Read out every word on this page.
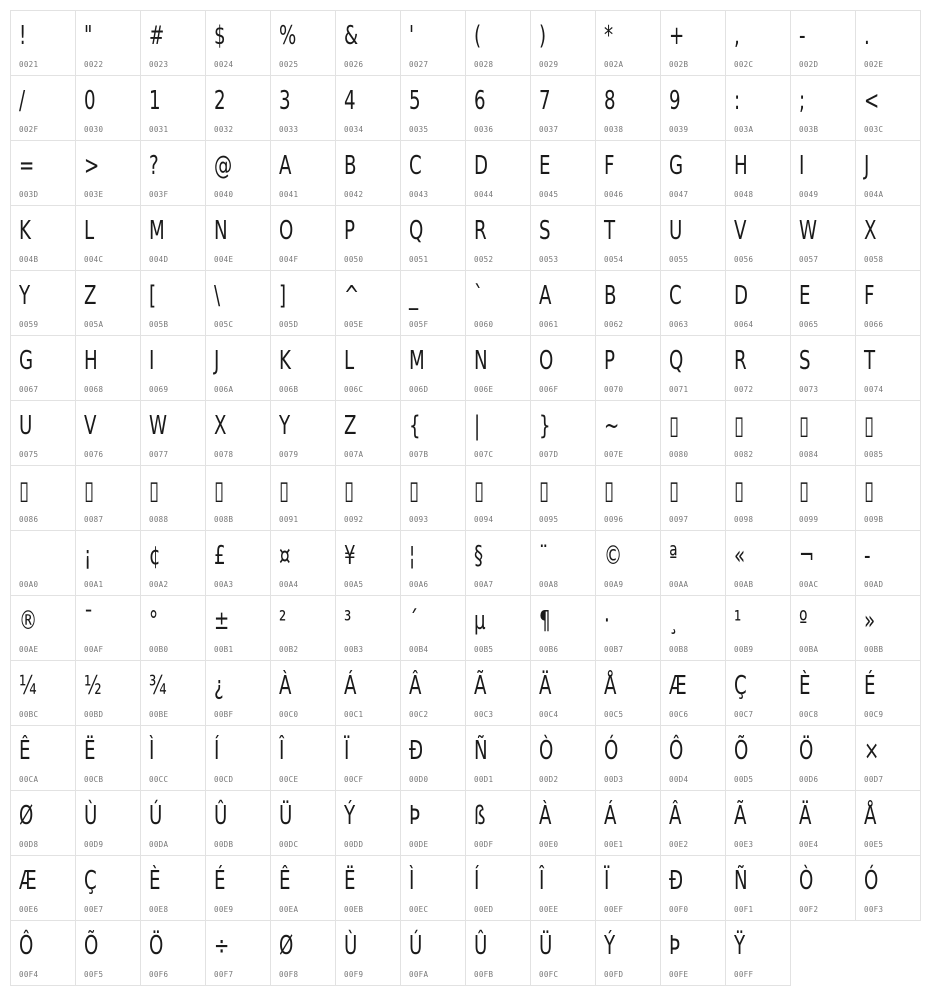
!
0021
"
0022
#
0023
$
0024
%
0025
&
0026
'
0027
(
0028
)
0029
*
002A
+
002B
,
002C
-
002D
.
002E
/
002F
0
0030
1
0031
2
0032
3
0033
4
0034
5
0035
6
0036
7
0037
8
0038
9
0039
:
003A
;
003B
<
003C
=
003D
>
003E
?
003F
@
0040
A
0041
B
0042
C
0043
D
0044
E
0045
F
0046
G
0047
H
0048
I
0049
J
004A
K
004B
L
004C
M
004D
N
004E
O
004F
P
0050
Q
0051
R
0052
S
0053
T
0054
U
0055
V
0056
W
0057
X
0058
Y
0059
Z
005A
[
005B
\
005C
]
005D
^
005E
_
005F
`
0060
A
0061
B
0062
C
0063
D
0064
E
0065
F
0066
G
0067
H
0068
I
0069
J
006A
K
006B
L
006C
M
006D
N
006E
O
006F
P
0070
Q
0071
R
0072
S
0073
T
0074
U
0075
V
0076
W
0077
X
0078
Y
0079
Z
007A
{
007B
|
007C
}
007D
~
007E
▯
0080
▯
0082
▯
0084
▯
0085
▯
0086
▯
0087
▯
0088
▯
008B
▯
0091
▯
0092
▯
0093
▯
0094
▯
0095
▯
0096
▯
0097
▯
0098
▯
0099
▯
009B
00A0
¡
00A1
¢
00A2
£
00A3
¤
00A4
¥
00A5
¦
00A6
§
00A7
¨
00A8
©
00A9
ª
00AA
«
00AB
¬
00AC
-
00AD
®
00AE
¯
00AF
°
00B0
±
00B1
²
00B2
³
00B3
´
00B4
µ
00B5
¶
00B6
·
00B7
¸
00B8
¹
00B9
º
00BA
»
00BB
¼
00BC
½
00BD
¾
00BE
¿
00BF
À
00C0
Á
00C1
Â
00C2
Ã
00C3
Ä
00C4
Å
00C5
Æ
00C6
Ç
00C7
È
00C8
É
00C9
Ê
00CA
Ë
00CB
Ì
00CC
Í
00CD
Î
00CE
Ï
00CF
Ð
00D0
Ñ
00D1
Ò
00D2
Ó
00D3
Ô
00D4
Õ
00D5
Ö
00D6
×
00D7
Ø
00D8
Ù
00D9
Ú
00DA
Û
00DB
Ü
00DC
Ý
00DD
Þ
00DE
ß
00DF
À
00E0
Á
00E1
Â
00E2
Ã
00E3
Ä
00E4
Å
00E5
Æ
00E6
Ç
00E7
È
00E8
É
00E9
Ê
00EA
Ë
00EB
Ì
00EC
Í
00ED
Î
00EE
Ï
00EF
Ð
00F0
Ñ
00F1
Ò
00F2
Ó
00F3
Ô
00F4
Õ
00F5
Ö
00F6
÷
00F7
Ø
00F8
Ù
00F9
Ú
00FA
Û
00FB
Ü
00FC
Ý
00FD
Þ
00FE
Ÿ
00FF
